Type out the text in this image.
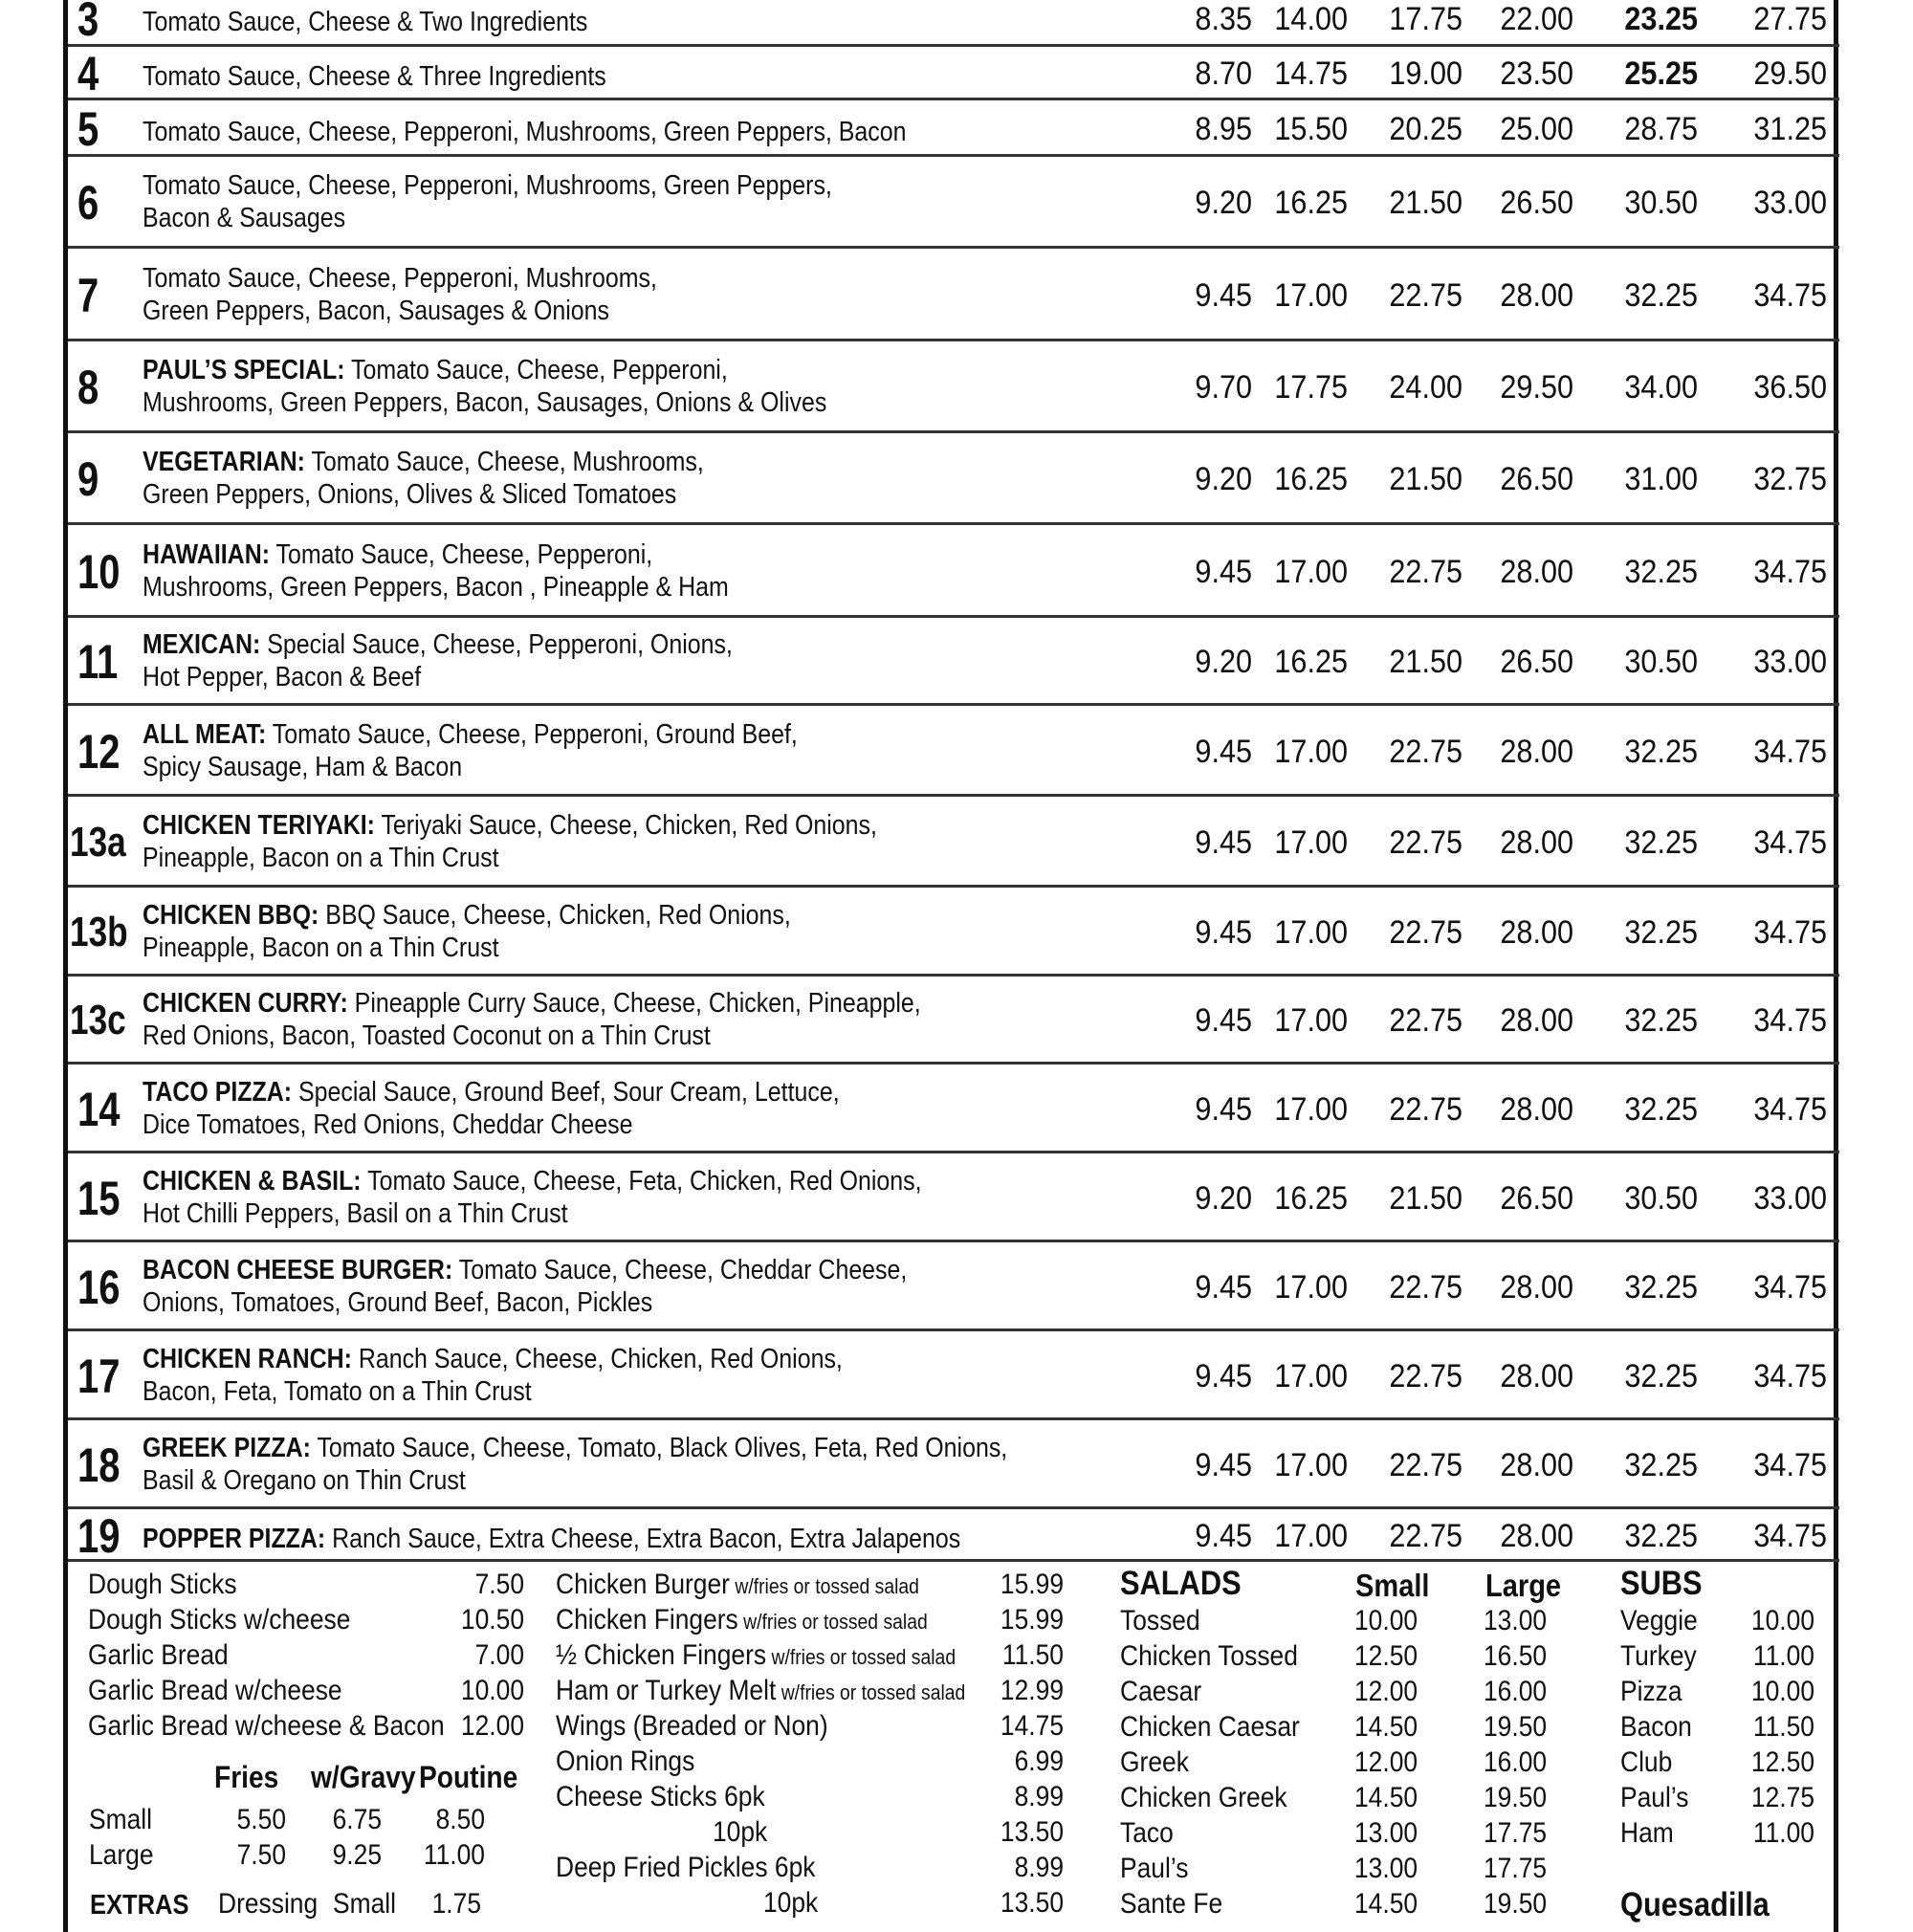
3 Tomato Sauce, Cheese & Two Ingredients	8.35 14.00	17.75	22.00	23.25	27.75
4 Tomato Sauce, Cheese & Three Ingredients	8.70 14.75	19.00	23.50	25.25	29.50
5 Tomato Sauce, Cheese, Pepperoni, Mushrooms, Green Peppers, Bacon	8.95 15.50	20.25	25.00	28.75	31.25
6 Tomato Sauce, Cheese, Pepperoni, Mushrooms, Green Peppers,
Bacon & Sausages	9.20 16.25	21.50	26.50	30.50	33.00
7 Tomato Sauce, Cheese, Pepperoni, Mushrooms,
Green Peppers, Bacon, Sausages & Onions	9.45 17.00	22.75	28.00	32.25	34.75
8 PAUL’S SPECIAL: Tomato Sauce, Cheese, Pepperoni,
Mushrooms, Green Peppers, Bacon, Sausages, Onions & Olives	9.70 17.75	24.00	29.50	34.00	36.50
9 VEGETARIAN: Tomato Sauce, Cheese, Mushrooms,
Green Peppers, Onions, Olives & Sliced Tomatoes	9.20 16.25	21.50	26.50	31.00	32.75
10 HAWAIIAN: Tomato Sauce, Cheese, Pepperoni,
Mushrooms, Green Peppers, Bacon , Pineapple & Ham	9.45 17.00	22.75	28.00	32.25	34.75
11 MEXICAN: Special Sauce, Cheese, Pepperoni, Onions,
Hot Pepper, Bacon & Beef	9.20 16.25	21.50	26.50	30.50	33.00
12 ALL MEAT: Tomato Sauce, Cheese, Pepperoni, Ground Beef,
Spicy Sausage, Ham & Bacon	9.45 17.00	22.75	28.00	32.25	34.75
13a CHICKEN TERIYAKI: Teriyaki Sauce, Cheese, Chicken, Red Onions,
Pineapple, Bacon on a Thin Crust	9.45 17.00	22.75	28.00	32.25	34.75
13b CHICKEN BBQ: BBQ Sauce, Cheese, Chicken, Red Onions,
Pineapple, Bacon on a Thin Crust	9.45 17.00	22.75	28.00	32.25	34.75
13c CHICKEN CURRY: Pineapple Curry Sauce, Cheese, Chicken, Pineapple,
Red Onions, Bacon, Toasted Coconut on a Thin Crust	9.45 17.00	22.75	28.00	32.25	34.75
14 TACO PIZZA: Special Sauce, Ground Beef, Sour Cream, Lettuce,
Dice Tomatoes, Red Onions, Cheddar Cheese	9.45 17.00	22.75	28.00	32.25	34.75
15 CHICKEN & BASIL: Tomato Sauce, Cheese, Feta, Chicken, Red Onions,
Hot Chilli Peppers, Basil on a Thin Crust	9.20 16.25	21.50	26.50	30.50	33.00
16 BACON CHEESE BURGER: Tomato Sauce, Cheese, Cheddar Cheese,
Onions, Tomatoes, Ground Beef, Bacon, Pickles	9.45 17.00	22.75	28.00	32.25	34.75
17 CHICKEN RANCH: Ranch Sauce, Cheese, Chicken, Red Onions,
Bacon, Feta, Tomato on a Thin Crust	9.45 17.00	22.75	28.00	32.25	34.75
18 GREEK PIZZA: Tomato Sauce, Cheese, Tomato, Black Olives, Feta, Red Onions,
Basil & Oregano on Thin Crust	9.45 17.00	22.75	28.00	32.25	34.75
19 POPPER PIZZA: Ranch Sauce, Extra Cheese, Extra Bacon, Extra Jalapenos	9.45 17.00	22.75	28.00	32.25	34.75
Dough Sticks	7.50
Dough Sticks w/cheese	10.50
Garlic Bread	7.00
Garlic Bread w/cheese	10.00
Garlic Bread w/cheese & Bacon 12.00
Fries w/Gravy Poutine
Small	5.50	6.75	8.50
Large	7.50	9.25	11.00
EXTRAS Dressing Small	1.75
Chicken Burger w/fries or tossed salad	15.99
Chicken Fingers w/fries or tossed salad	15.99
½ Chicken Fingers w/fries or tossed salad	11.50
Ham or Turkey Melt w/fries or tossed salad	12.99
Wings (Breaded or Non)	14.75
Onion Rings	6.99
Cheese Sticks 6pk	8.99
10pk	13.50
Deep Fried Pickles 6pk	8.99
10pk	13.50
SALADS	Small Large
Tossed	10.00 13.00
Chicken Tossed 12.50 16.50
Caesar	12.00 16.00
Chicken Caesar 14.50 19.50
Greek	12.00 16.00
Chicken Greek 14.50 19.50
Taco	13.00 17.75
Paul’s	13.00 17.75
Sante Fe	14.50 19.50
SUBS
Veggie	10.00
Turkey	11.00
Pizza	10.00
Bacon	11.50
Club	12.50
Paul’s	12.75
Ham	11.00
Quesadilla
